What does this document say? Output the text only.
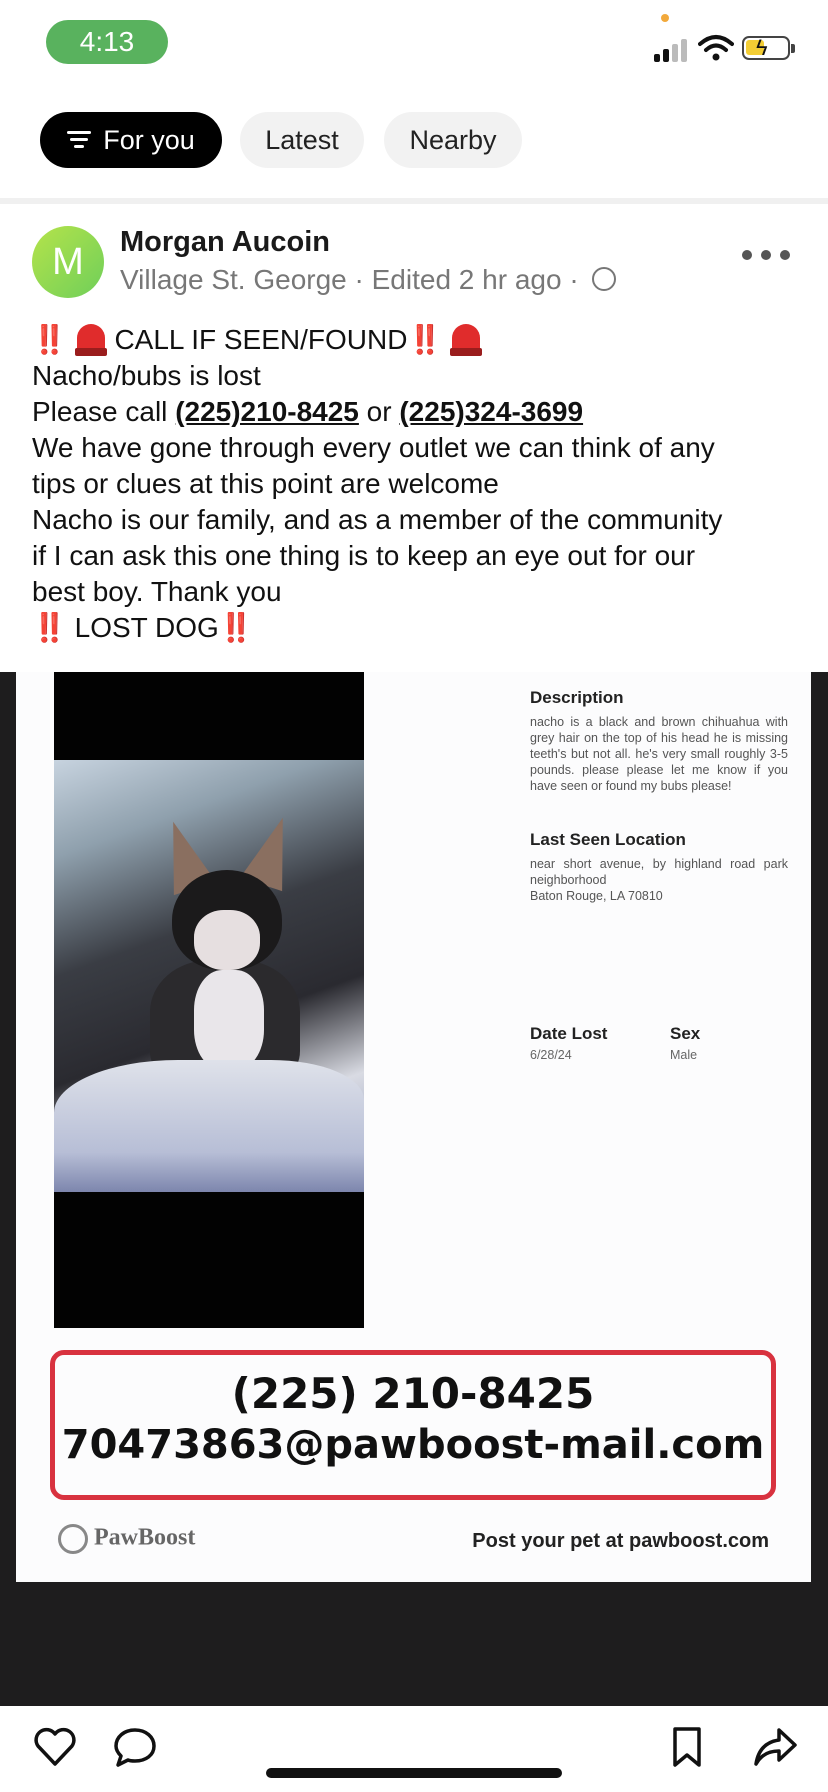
4:13	ϟ
For you	Latest	Nearby
M	Morgan Aucoin
Village St. George · Edited 2 hr ago ·
‼️ CALL IF SEEN/FOUND‼️
Nacho/bubs is lost
Please call (225)210-8425 or (225)324-3699
We have gone through every outlet we can think of any
tips or clues at this point are welcome
Nacho is our family, and as a member of the community
if I can ask this one thing is to keep an eye out for our
best boy. Thank you
‼️ LOST DOG‼️
Description

nacho is a black and brown chihuahua with grey hair on the top of his head he is missing teeth's but not all. he's very small roughly 3-5 pounds. please please let me know if you have seen or found my bubs please!

Last Seen Location

near short avenue, by highland road park neighborhood

Baton Rouge, LA 70810

Date Lost

6/28/24

Sex

Male

(225) 210-8425
70473863@pawboost-mail.com
PawBoost	Post your pet at pawboost.com
